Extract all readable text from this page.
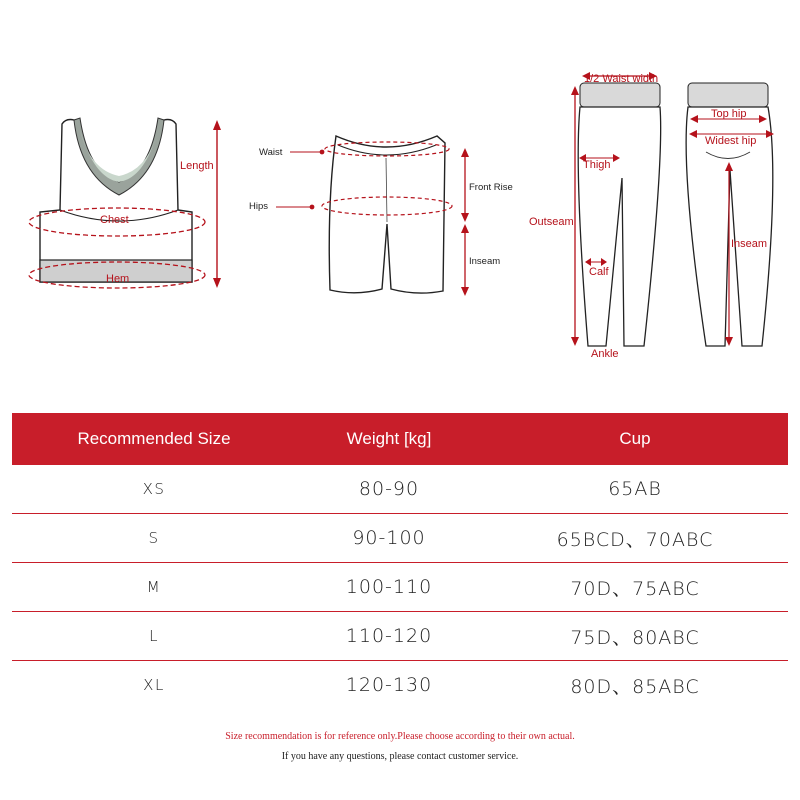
Length
Chest
Hem
Waist
Hips
Front Rise
Inseam
1/2 Waist width
Thigh
Outseam
Calf
Ankle
Top hip
Widest hip
Inseam
Recommended Size	Weight [kg]	Cup
XS	80-90	65AB
S	90-100	65BCD、70ABC
M	100-110	70D、75ABC
L	110-120	75D、80ABC
XL	120-130	80D、85ABC
Size recommendation is for reference only.Please choose according to their own actual.
If you have any questions, please contact customer service.
